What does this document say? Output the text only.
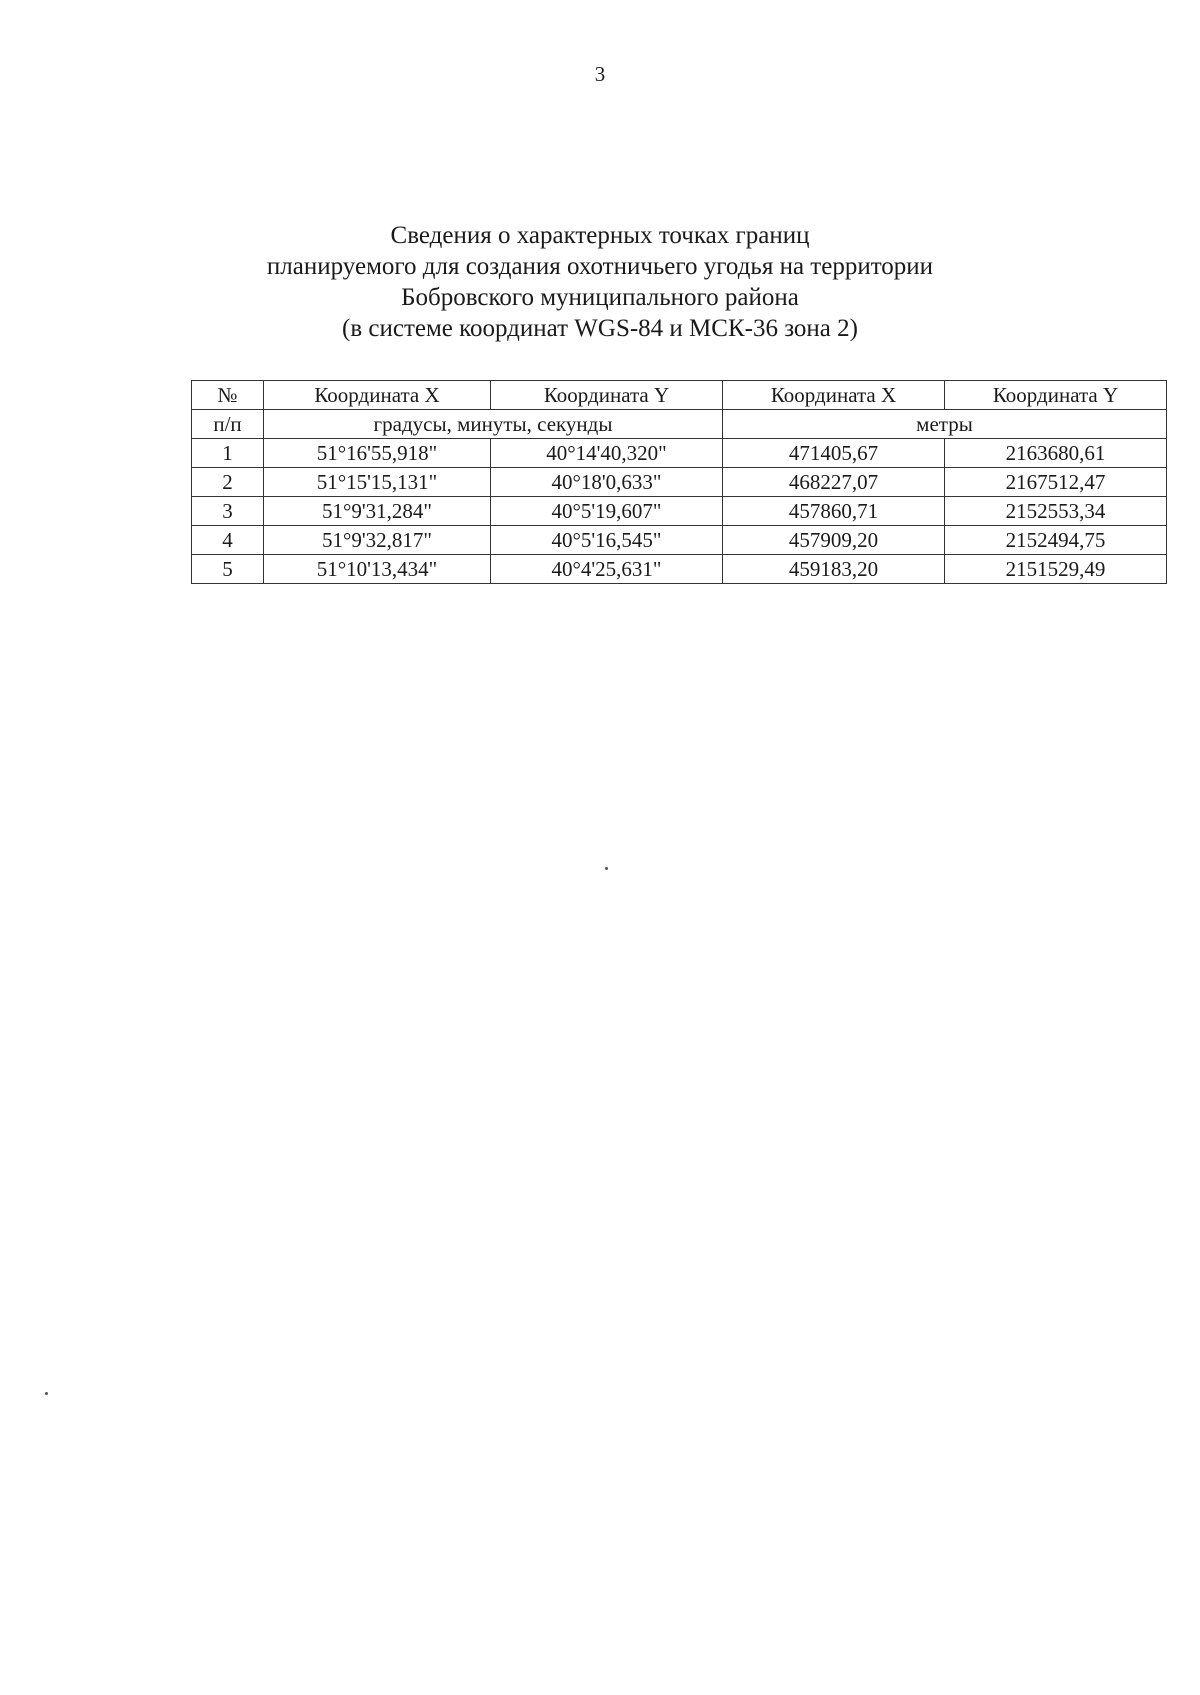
3
Сведения о характерных точках границ
планируемого для создания охотничьего угодья на территории
Бобровского муниципального района
(в системе координат WGS-84 и МСК-36 зона 2)
№	Координата X	Координата Y	Координата X	Координата Y
п/п	градусы, минуты, секунды		метры	
1	51°16'55,918"	40°14'40,320"	471405,67	2163680,61
2	51°15'15,131"	40°18'0,633"	468227,07	2167512,47
3	51°9'31,284"	40°5'19,607"	457860,71	2152553,34
4	51°9'32,817"	40°5'16,545"	457909,20	2152494,75
5	51°10'13,434"	40°4'25,631"	459183,20	2151529,49
